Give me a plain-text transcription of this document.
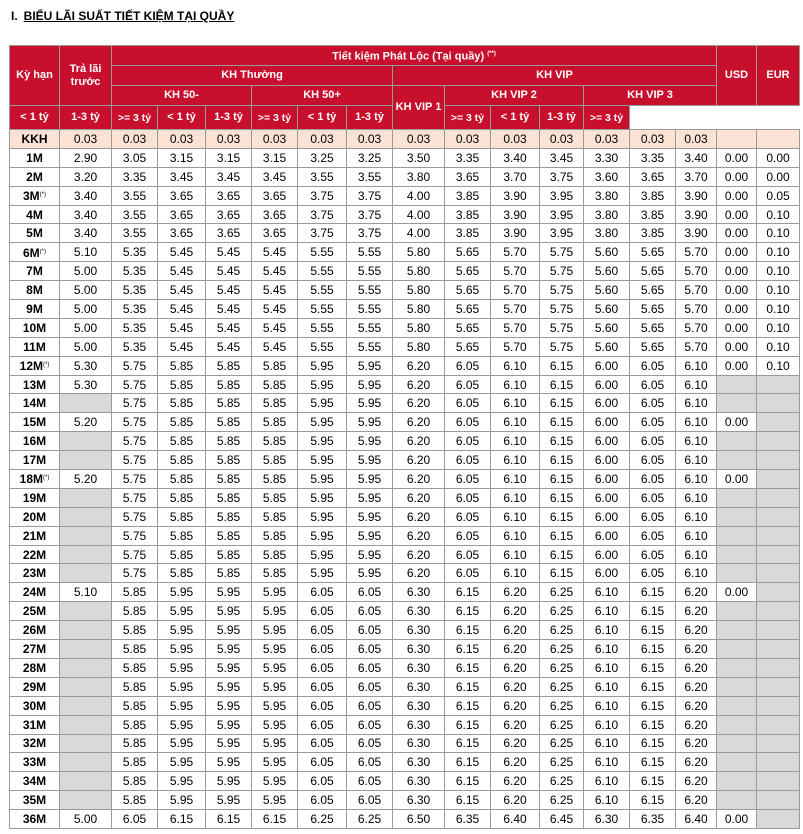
I. BIỂU LÃI SUẤT TIẾT KIỆM TẠI QUẦY
Kỳ hạn	Trả lãi trước	Tiết kiệm Phát Lộc (Tại quầy) (**)													USD	EUR
		KH Thường						KH VIP								
		KH 50-			KH 50+			KH VIP 1	KH VIP 2			KH VIP 3				
< 1 tỷ	1-3 tỷ	>= 3 tỷ	< 1 tỷ	1-3 tỷ	>= 3 tỷ	< 1 tỷ	1-3 tỷ		>= 3 tỷ	< 1 tỷ	1-3 tỷ	>= 3 tỷ				
KKH	0.03	0.03	0.03	0.03	0.03	0.03	0.03	0.03	0.03	0.03	0.03	0.03	0.03	0.03		
1M	2.90	3.05	3.15	3.15	3.15	3.25	3.25	3.50	3.35	3.40	3.45	3.30	3.35	3.40	0.00	0.00
2M	3.20	3.35	3.45	3.45	3.45	3.55	3.55	3.80	3.65	3.70	3.75	3.60	3.65	3.70	0.00	0.00
3M(*)	3.40	3.55	3.65	3.65	3.65	3.75	3.75	4.00	3.85	3.90	3.95	3.80	3.85	3.90	0.00	0.05
4M	3.40	3.55	3.65	3.65	3.65	3.75	3.75	4.00	3.85	3.90	3.95	3.80	3.85	3.90	0.00	0.10
5M	3.40	3.55	3.65	3.65	3.65	3.75	3.75	4.00	3.85	3.90	3.95	3.80	3.85	3.90	0.00	0.10
6M(*)	5.10	5.35	5.45	5.45	5.45	5.55	5.55	5.80	5.65	5.70	5.75	5.60	5.65	5.70	0.00	0.10
7M	5.00	5.35	5.45	5.45	5.45	5.55	5.55	5.80	5.65	5.70	5.75	5.60	5.65	5.70	0.00	0.10
8M	5.00	5.35	5.45	5.45	5.45	5.55	5.55	5.80	5.65	5.70	5.75	5.60	5.65	5.70	0.00	0.10
9M	5.00	5.35	5.45	5.45	5.45	5.55	5.55	5.80	5.65	5.70	5.75	5.60	5.65	5.70	0.00	0.10
10M	5.00	5.35	5.45	5.45	5.45	5.55	5.55	5.80	5.65	5.70	5.75	5.60	5.65	5.70	0.00	0.10
11M	5.00	5.35	5.45	5.45	5.45	5.55	5.55	5.80	5.65	5.70	5.75	5.60	5.65	5.70	0.00	0.10
12M(*)	5.30	5.75	5.85	5.85	5.85	5.95	5.95	6.20	6.05	6.10	6.15	6.00	6.05	6.10	0.00	0.10
13M	5.30	5.75	5.85	5.85	5.85	5.95	5.95	6.20	6.05	6.10	6.15	6.00	6.05	6.10		
14M		5.75	5.85	5.85	5.85	5.95	5.95	6.20	6.05	6.10	6.15	6.00	6.05	6.10		
15M	5.20	5.75	5.85	5.85	5.85	5.95	5.95	6.20	6.05	6.10	6.15	6.00	6.05	6.10	0.00	
16M		5.75	5.85	5.85	5.85	5.95	5.95	6.20	6.05	6.10	6.15	6.00	6.05	6.10		
17M		5.75	5.85	5.85	5.85	5.95	5.95	6.20	6.05	6.10	6.15	6.00	6.05	6.10		
18M(*)	5.20	5.75	5.85	5.85	5.85	5.95	5.95	6.20	6.05	6.10	6.15	6.00	6.05	6.10	0.00	
19M		5.75	5.85	5.85	5.85	5.95	5.95	6.20	6.05	6.10	6.15	6.00	6.05	6.10		
20M		5.75	5.85	5.85	5.85	5.95	5.95	6.20	6.05	6.10	6.15	6.00	6.05	6.10		
21M		5.75	5.85	5.85	5.85	5.95	5.95	6.20	6.05	6.10	6.15	6.00	6.05	6.10		
22M		5.75	5.85	5.85	5.85	5.95	5.95	6.20	6.05	6.10	6.15	6.00	6.05	6.10		
23M		5.75	5.85	5.85	5.85	5.95	5.95	6.20	6.05	6.10	6.15	6.00	6.05	6.10		
24M	5.10	5.85	5.95	5.95	5.95	6.05	6.05	6.30	6.15	6.20	6.25	6.10	6.15	6.20	0.00	
25M		5.85	5.95	5.95	5.95	6.05	6.05	6.30	6.15	6.20	6.25	6.10	6.15	6.20		
26M		5.85	5.95	5.95	5.95	6.05	6.05	6.30	6.15	6.20	6.25	6.10	6.15	6.20		
27M		5.85	5.95	5.95	5.95	6.05	6.05	6.30	6.15	6.20	6.25	6.10	6.15	6.20		
28M		5.85	5.95	5.95	5.95	6.05	6.05	6.30	6.15	6.20	6.25	6.10	6.15	6.20		
29M		5.85	5.95	5.95	5.95	6.05	6.05	6.30	6.15	6.20	6.25	6.10	6.15	6.20		
30M		5.85	5.95	5.95	5.95	6.05	6.05	6.30	6.15	6.20	6.25	6.10	6.15	6.20		
31M		5.85	5.95	5.95	5.95	6.05	6.05	6.30	6.15	6.20	6.25	6.10	6.15	6.20		
32M		5.85	5.95	5.95	5.95	6.05	6.05	6.30	6.15	6.20	6.25	6.10	6.15	6.20		
33M		5.85	5.95	5.95	5.95	6.05	6.05	6.30	6.15	6.20	6.25	6.10	6.15	6.20		
34M		5.85	5.95	5.95	5.95	6.05	6.05	6.30	6.15	6.20	6.25	6.10	6.15	6.20		
35M		5.85	5.95	5.95	5.95	6.05	6.05	6.30	6.15	6.20	6.25	6.10	6.15	6.20		
36M	5.00	6.05	6.15	6.15	6.15	6.25	6.25	6.50	6.35	6.40	6.45	6.30	6.35	6.40	0.00	
